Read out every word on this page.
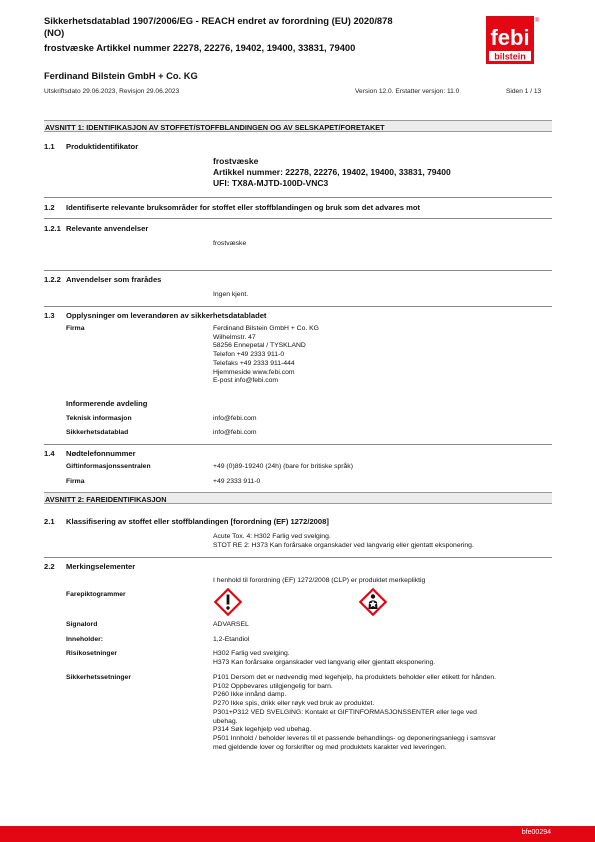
Sikkerhetsdatablad 1907/2006/EG - REACH endret av forordning (EU) 2020/878
(NO)
frostvæske Artikkel nummer 22278, 22276, 19402, 19400, 33831, 79400	febi
bilstein
®
Ferdinand Bilstein GmbH + Co. KG
Utskriftsdato 29.06.2023, Revisjon 29.06.2023	Version 12.0. Erstatter versjon: 11.0	Siden 1 / 13
AVSNITT 1: IDENTIFIKASJON AV STOFFET/STOFFBLANDINGEN OG AV SELSKAPET/FORETAKET
1.1 Produktidentifikator
frostvæske
Artikkel nummer: 22278, 22276, 19402, 19400, 33831, 79400
UFI: TX8A-MJTD-100D-VNC3
1.2 Identifiserte relevante bruksområder for stoffet eller stoffblandingen og bruk som det advares mot
1.2.1 Relevante anvendelser
frostvæske
1.2.2 Anvendelser som frarådes
Ingen kjent.
1.3 Opplysninger om leverandøren av sikkerhetsdatabladet
Firma	Ferdinand Bilstein GmbH + Co. KG
Wilhelmstr. 47
58256 Ennepetal / TYSKLAND
Telefon +49 2333 911-0
Telefaks +49 2333 911-444
Hjemmeside www.febi.com
E-post info@febi.com
Informerende avdeling
Teknisk informasjon	info@febi.com
Sikkerhetsdatablad	info@febi.com
1.4 Nødtelefonnummer
Giftinformasjonssentralen	+49 (0)89-19240 (24h) (bare for britiske språk)
Firma	+49 2333 911-0
AVSNITT 2: FAREIDENTIFIKASJON
2.1 Klassifisering av stoffet eller stoffblandingen [forordning (EF) 1272/2008]
Acute Tox. 4: H302 Farlig ved svelging.
STOT RE 2: H373 Kan forårsake organskader ved langvarig eller gjentatt eksponering.
2.2 Merkingselementer
I henhold til forordning (EF) 1272/2008 (CLP) er produktet merkepliktig
Farepiktogrammer
Signalord	ADVARSEL
Inneholder:	1,2-Etandiol
Risikosetninger	H302 Farlig ved svelging.
H373 Kan forårsake organskader ved langvarig eller gjentatt eksponering.
Sikkerhetssetninger	P101 Dersom det er nødvendig med legehjelp, ha produktets beholder eller etikett for hånden.
P102 Oppbevares utilgjengelig for barn.
P260 Ikke innånd damp.
P270 Ikke spis, drikk eller røyk ved bruk av produktet.
P301+P312 VED SVELGING: Kontakt et GIFTINFORMASJONSSENTER eller lege ved
ubehag.
P314 Søk legehjelp ved ubehag.
P501 Innhold / beholder leveres til et passende behandlings- og deponeringsanlegg i samsvar
med gjeldende lover og forskrifter og med produktets karakter ved leveringen.
bfe00294
